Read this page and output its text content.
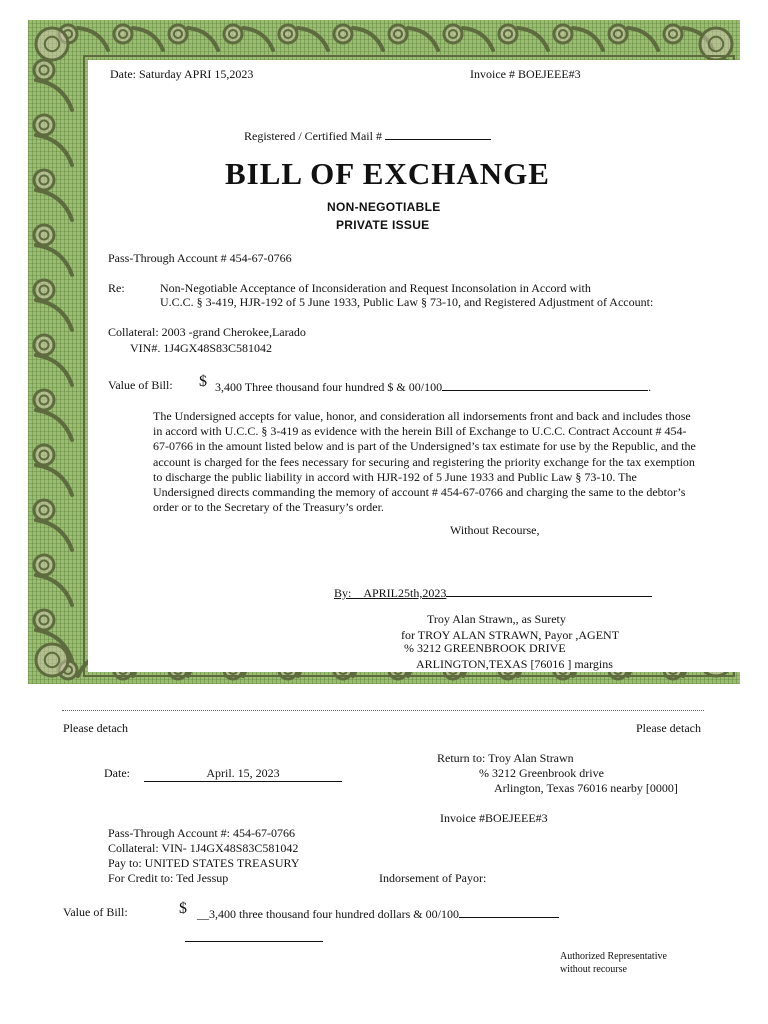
Date: Saturday APRI 15,2023	Invoice # BOEJEEE#3
Registered / Certified Mail #
BILL OF EXCHANGE
NON-NEGOTIABLE
PRIVATE ISSUE
Pass-Through Account # 454-67-0766
Re:	Non-Negotiable Acceptance of Inconsideration and Request Inconsolation in Accord with
U.C.C. § 3-419, HJR-192 of 5 June 1933, Public Law § 73-10, and Registered Adjustment of Account:
Collateral: 2003 -grand Cherokee,Larado
VIN#. 1J4GX48S83C581042
Value of Bill: $ 3,400 Three thousand four hundred $ & 00/100	.
The Undersigned accepts for value, honor, and consideration all indorsements front and back and includes those in accord with U.C.C. § 3-419 as evidence with the herein Bill of Exchange to U.C.C. Contract Account # 454-67-0766 in the amount listed below and is part of the Undersigned’s tax estimate for use by the Republic, and the account is charged for the fees necessary for securing and registering the priority exchange for the tax exemption to discharge the public liability in accord with HJR-192 of 5 June 1933 and Public Law § 73-10. The Undersigned directs commanding the memory of account # 454-67-0766 and charging the same to the debtor’s order or to the Secretary of the Treasury’s order.
Without Recourse,
By:__APRIL25th,2023
Troy Alan Strawn,, as Surety
for TROY ALAN STRAWN, Payor ,AGENT
% 3212 GREENBROOK DRIVE
ARLINGTON,TEXAS [76016 ] margins
Please detach	Please detach
Return to: Troy Alan Strawn
% 3212 Greenbrook drive
Arlington, Texas 76016 nearby [0000]
Date:	April. 15, 2023
Invoice #BOEJEEE#3
Pass-Through Account #: 454-67-0766
Collateral: VIN- 1J4GX48S83C581042
Pay to: UNITED STATES TREASURY
For Credit to: Ted Jessup	Indorsement of Payor:
Value of Bill:	$ __3,400 three thousand four hundred dollars & 00/100
Authorized Representative
without recourse
